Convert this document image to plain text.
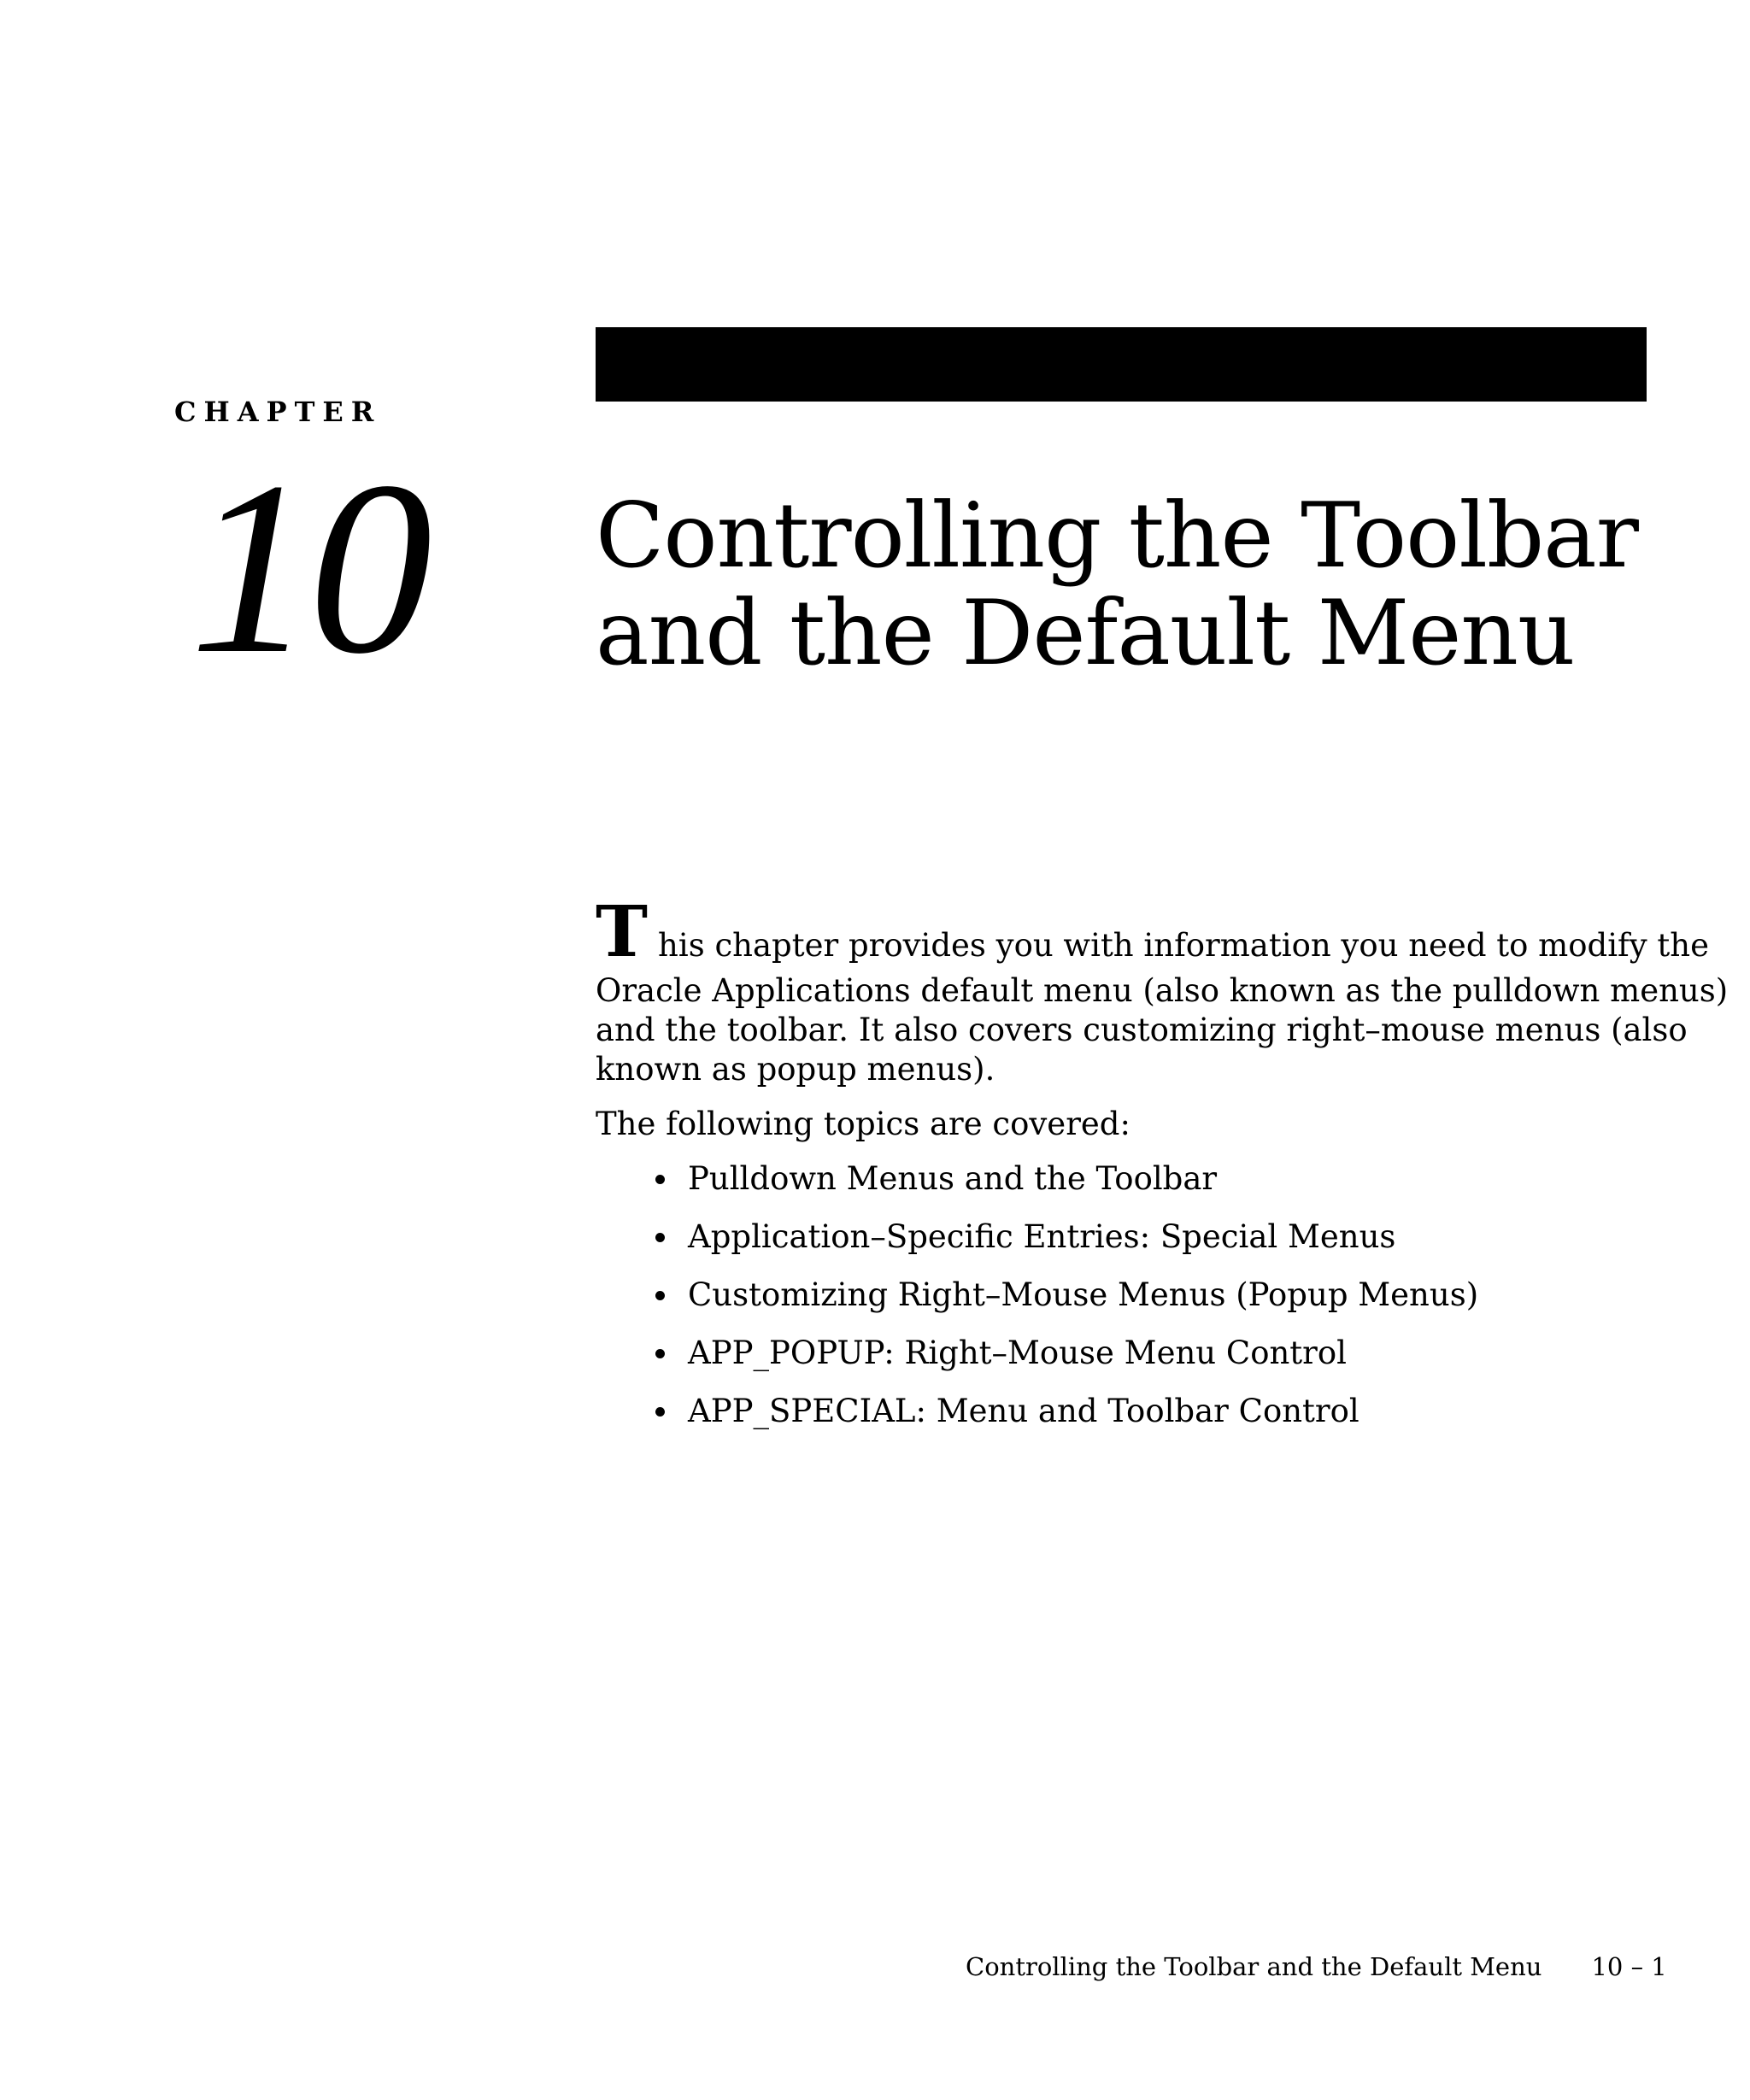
CHAPTER
10 Controlling the Toolbar
and the Default Menu

This chapter provides you with information you need to modify the
Oracle Applications default menu (also known as the pulldown menus)
and the toolbar. It also covers customizing right–mouse menus (also
known as popup menus).

The following topics are covered:

Pulldown Menus and the Toolbar
Application–Specific Entries: Special Menus
Customizing Right–Mouse Menus (Popup Menus)
APP_POPUP: Right–Mouse Menu Control
APP_SPECIAL: Menu and Toolbar Control
Controlling the Toolbar and the Default Menu 10 – 1
